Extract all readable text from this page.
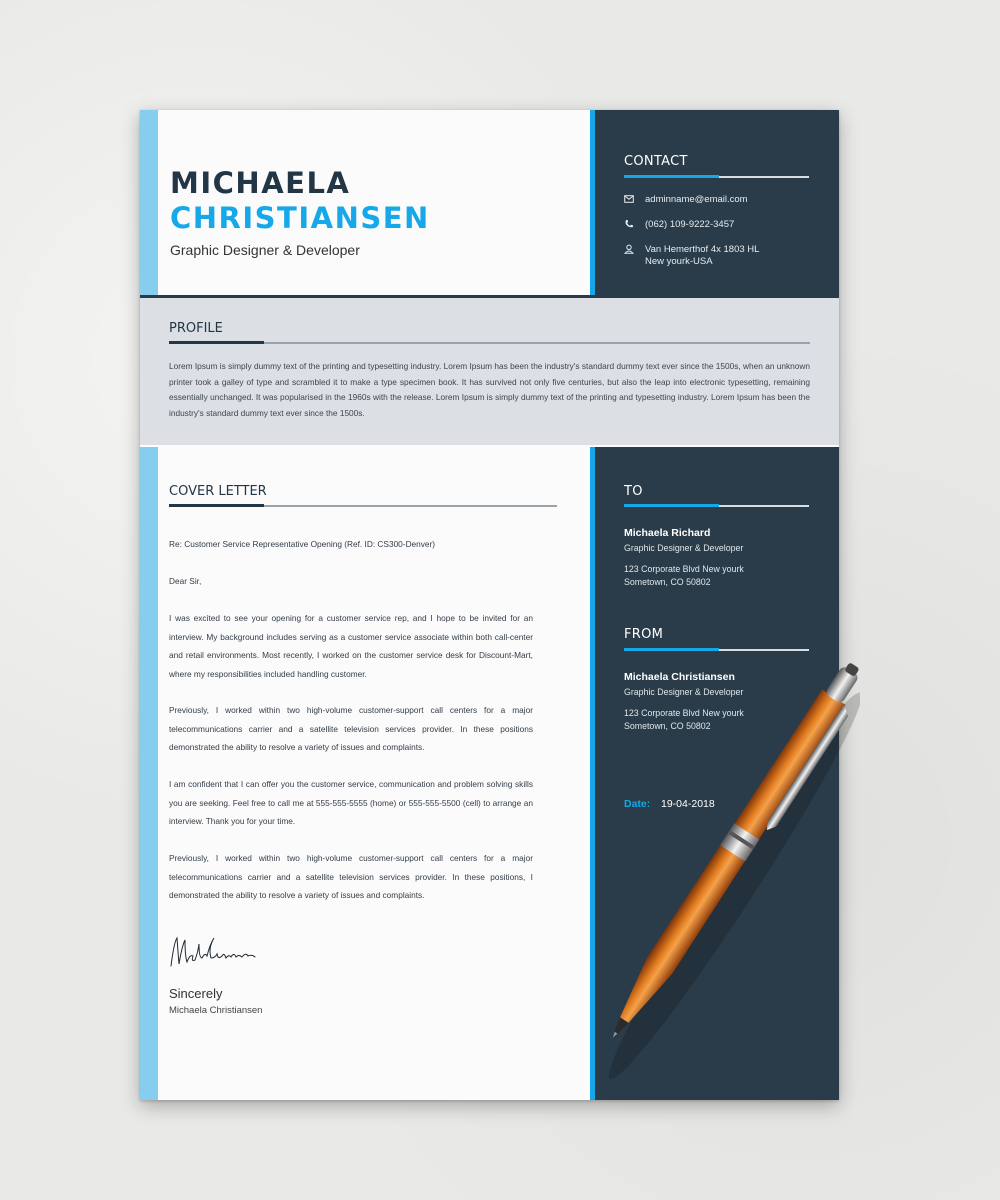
MICHAELA
CHRISTIANSEN
Graphic Designer & Developer
CONTACT
adminname@email.com
(062) 109-9222-3457
Van Hemerthof 4x 1803 HL
New yourk-USA
PROFILE
Lorem Ipsum is simply dummy text of the printing and typesetting industry. Lorem Ipsum has been the industry's standard dummy text ever since the 1500s, when an unknown printer took a galley of type and scrambled it to make a type specimen book. It has survived not only five centuries, but also the leap into electronic typesetting, remaining essentially unchanged. It was popularised in the 1960s with the release. Lorem Ipsum is simply dummy text of the printing and typesetting industry. Lorem Ipsum has been the industry's standard dummy text ever since the 1500s.
COVER LETTER
Re: Customer Service Representative Opening (Ref. ID: CS300-Denver)
Dear Sir,
I was excited to see your opening for a customer service rep, and I hope to be invited for an interview. My background includes serving as a customer service associate within both call-center and retail environments. Most recently, I worked on the customer service desk for Discount-Mart, where my responsibilities included handling customer.
Previously, I worked within two high-volume customer-support call centers for a major telecommunications carrier and a satellite television services provider. In these positions demonstrated the ability to resolve a variety of issues and complaints.
I am confident that I can offer you the customer service, communication and problem solving skills you are seeking. Feel free to call me at 555-555-5555 (home) or 555-555-5500 (cell) to arrange an interview. Thank you for your time.
Previously, I worked within two high-volume customer-support call centers for a major telecommunications carrier and a satellite television services provider. In these positions, I demonstrated the ability to resolve a variety of issues and complaints.
Sincerely
Michaela Christiansen
TO
Michaela Richard
Graphic Designer & Developer
123 Corporate Blvd New yourk
Sometown, CO 50802
FROM
Michaela Christiansen
Graphic Designer & Developer
123 Corporate Blvd New yourk
Sometown, CO 50802
Date: 19-04-2018
